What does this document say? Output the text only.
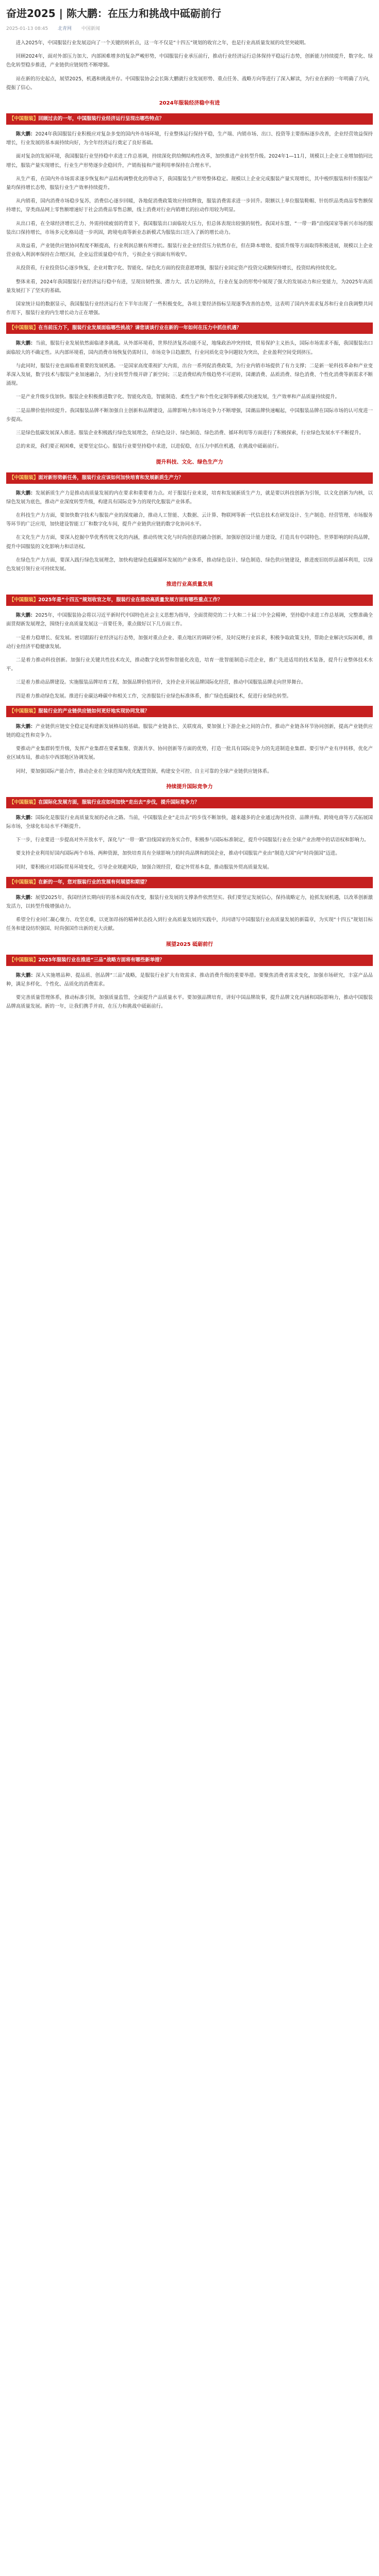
奋进2025 | 陈大鹏：在压力和挑战中砥砺前行
2025-01-13 08:45 北青网 中国新闻

进入2025年，中国服装行业发展迈向了一个关键的转折点，这一年不仅是“十四五”规划的收官之年，也是行业高质量发展的攻坚突破期。

回顾2024年，面对外部压力加大、内部困难增多的复杂严峻形势，中国服装行业承压前行，推动行业经济运行总体保持平稳运行态势，创新能力持续提升，数字化、绿色化转型稳步推进，产业链供应链韧性不断增强。

站在新的历史起点，展望2025，机遇和挑战并存。中国服装协会会长陈大鹏就行业发展形势、重点任务、战略方向等进行了深入解读，为行业在新的一年明确了方向，提振了信心。

2024年服装经济稳中有进
【中国服装】回顾过去的一年，中国服装行业经济运行呈现出哪些特点？

陈大鹏：2024年我国服装行业积极应对复杂多变的国内外市场环境，行业整体运行保持平稳，生产端、内销市场、出口、投资等主要指标逐步改善，企业经营效益保持增长，行业发展的基本面持续向好，为全年经济运行奠定了良好基础。

面对复杂的发展环境，我国服装行业坚持稳中求进工作总基调，持续深化供给侧结构性改革，加快推进产业转型升级。2024年1—11月，规模以上企业工业增加值同比增长，服装产量实现增长，行业生产形势逐步企稳回升，产销衔接和产能利用率保持在合理水平。

从生产看，在国内外市场需求逐步恢复和产品结构调整优化的带动下，我国服装生产形势整体稳定。规模以上企业完成服装产量实现增长，其中梭织服装和针织服装产量均保持增长态势，服装行业生产效率持续提升。

从内销看，国内消费市场稳步复苏，消费信心逐步回暖，各地促消费政策效应持续释放，服装消费需求进一步回升。限额以上单位服装鞋帽、针纺织品类商品零售额保持增长，穿类商品网上零售额增速好于社会消费品零售总额，线上消费对行业内销增长的拉动作用较为明显。

从出口看，在全球经济增长乏力、外需持续疲弱的背景下，我国服装出口面临较大压力，但总体表现出较强的韧性。我国对东盟、“一带一路”沿线国家等新兴市场的服装出口保持增长，市场多元化格局进一步巩固，跨境电商等新业态新模式为服装出口注入了新的增长动力。

从效益看，产业链供应链协同程度不断提高，行业利润总额有所增长。服装行业企业经营压力依然存在，但在降本增效、提质升级等方面取得积极进展，规模以上企业营业收入利润率保持在合理区间，企业运营质量稳中有升，亏损企业亏损面有所收窄。

从投资看，行业投资信心逐步恢复，企业对数字化、智能化、绿色化方面的投资意愿增强，服装行业固定资产投资完成额保持增长，投资结构持续优化。

整体来看，2024年我国服装行业经济运行稳中有进，呈现出韧性强、潜力大、活力足的特点，行业在复杂的形势中展现了强大的发展动力和应变能力，为2025年高质量发展打下了坚实的基础。

国家统计局的数据显示，我国服装行业经济运行在下半年出现了一些积极变化，各项主要经济指标呈现逐季改善的态势，这表明了国内外需求复苏和行业自我调整共同作用下，服装行业的内生增长动力正在增强。

【中国服装】在当前压力下，服装行业发展面临哪些挑战？请您谈谈行业在新的一年如何在压力中抓住机遇？

陈大鹏：当前，服装行业发展依然面临诸多挑战。从外部环境看，世界经济复苏动能不足，地缘政治冲突持续，贸易保护主义抬头，国际市场需求不振，我国服装出口面临较大的不确定性。从内部环境看，国内消费市场恢复仍需时日，市场竞争日趋激烈，行业同质化竞争问题较为突出，企业盈利空间受到挤压。

与此同时，服装行业也面临着重要的发展机遇。一是国家高度重视扩大内需，出台一系列促消费政策，为行业内销市场提供了有力支撑；二是新一轮科技革命和产业变革深入发展，数字技术与服装产业加速融合，为行业转型升级开辟了新空间；三是消费结构升级趋势不可逆转，国潮消费、品质消费、绿色消费、个性化消费等新需求不断涌现。

一是产业升级步伐加快。服装企业积极推进数字化、智能化改造，智能制造、柔性生产和个性化定制等新模式快速发展，生产效率和产品质量持续提升。

二是品牌价值持续提升。我国服装品牌不断加强自主创新和品牌建设，品牌影响力和市场竞争力不断增强，国潮品牌快速崛起，中国服装品牌在国际市场的认可度进一步提高。

三是绿色低碳发展深入推进。服装企业积极践行绿色发展理念，在绿色设计、绿色制造、绿色消费、循环利用等方面进行了积极探索，行业绿色发展水平不断提升。

总的来说，我们要正视困难，更要坚定信心。服装行业要坚持稳中求进，以进促稳，在压力中抓住机遇，在挑战中砥砺前行。

提升科技、文化、绿色生产力
【中国服装】面对新形势新任务，服装行业应该如何加快培育和发展新质生产力？

陈大鹏：发展新质生产力是推动高质量发展的内在要求和重要着力点。对于服装行业来说，培育和发展新质生产力，就是要以科技创新为引领，以文化创新为内核，以绿色发展为底色，推动产业深度转型升级，构建具有国际竞争力的现代化服装产业体系。

在科技生产力方面，要加快数字技术与服装产业的深度融合，推动人工智能、大数据、云计算、物联网等新一代信息技术在研发设计、生产制造、经营管理、市场服务等环节的广泛应用，加快建设智能工厂和数字化车间，提升产业链供应链的数字化协同水平。

在文化生产力方面，要深入挖掘中华优秀传统文化的内涵，推动传统文化与时尚创意的融合创新，加强原创设计能力建设，打造具有中国特色、世界影响的时尚品牌，提升中国服装的文化影响力和话语权。

在绿色生产力方面，要深入践行绿色发展理念，加快构建绿色低碳循环发展的产业体系，推动绿色设计、绿色制造、绿色供应链建设，推进废旧纺织品循环利用，以绿色发展引领行业可持续发展。

推进行业高质量发展
【中国服装】2025年是“十四五”规划收官之年，服装行业在推动高质量发展方面有哪些重点工作？

陈大鹏：2025年，中国服装协会将以习近平新时代中国特色社会主义思想为指导，全面贯彻党的二十大和二十届三中全会精神，坚持稳中求进工作总基调，完整准确全面贯彻新发展理念，围绕行业高质量发展这一首要任务，重点做好以下几方面工作。

一是着力稳增长、促发展。密切跟踪行业经济运行态势，加强对重点企业、重点地区的调研分析，及时反映行业诉求，积极争取政策支持，帮助企业解决实际困难，推动行业经济平稳健康发展。

二是着力推动科技创新。加强行业关键共性技术攻关，推动数字化转型和智能化改造，培育一批智能制造示范企业，推广先进适用的技术装备，提升行业整体技术水平。

三是着力推动品牌建设。实施服装品牌培育工程，加强品牌价值评价，支持企业开展品牌国际化经营，推动中国服装品牌走向世界舞台。

四是着力推动绿色发展。推进行业碳达峰碳中和相关工作，完善服装行业绿色标准体系，推广绿色低碳技术，促进行业绿色转型。

【中国服装】服装行业的产业链供应链如何更好地实现协同发展？

陈大鹏：产业链供应链安全稳定是构建新发展格局的基础。服装产业链条长、关联度高，要加强上下游企业之间的合作，推动产业链各环节协同创新，提高产业链供应链的稳定性和竞争力。

要推动产业集群转型升级，发挥产业集群在要素集聚、资源共享、协同创新等方面的优势，打造一批具有国际竞争力的先进制造业集群。要引导产业有序转移，优化产业区域布局，推动东中西部地区协调发展。

同时，要加强国际产能合作，推动企业在全球范围内优化配置资源，构建安全可控、自主可靠的全球产业链供应链体系。

持续提升国际竞争力
【中国服装】在国际化发展方面，服装行业应如何加快“走出去”步伐，提升国际竞争力？

陈大鹏：国际化是服装行业高质量发展的必由之路。当前，中国服装企业“走出去”的步伐不断加快，越来越多的企业通过海外投资、品牌并购、跨境电商等方式拓展国际市场，全球化布局水平不断提升。

下一步，行业要进一步提高对外开放水平，深化与“一带一路”沿线国家的务实合作，积极参与国际标准制定，提升中国服装行业在全球产业治理中的话语权和影响力。

要支持企业利用好国内国际两个市场、两种资源，加快培育具有全球影响力的时尚品牌和跨国企业，推动中国服装产业由“制造大国”向“时尚强国”迈进。

同时，要积极应对国际贸易环境变化，引导企业规避风险，加强合规经营，稳定外贸基本盘，推动服装外贸高质量发展。

【中国服装】在新的一年，您对服装行业的发展有何展望和期望？

陈大鹏：展望2025年，我国经济长期向好的基本面没有改变，服装行业发展的支撑条件依然坚实。我们要坚定发展信心，保持战略定力，抢抓发展机遇，以改革创新激发活力，以转型升级增强动力。

希望全行业同仁凝心聚力、攻坚克难，以更加昂扬的精神状态投入到行业高质量发展的实践中，共同谱写中国服装行业高质量发展的新篇章，为实现“十四五”规划目标任务和建设纺织强国、时尚强国作出新的更大贡献。

展望2025 砥砺前行
【中国服装】2025年服装行业在推进“三品”战略方面将有哪些新举措？

陈大鹏：深入实施增品种、提品质、创品牌“三品”战略，是服装行业扩大有效需求、推动消费升级的重要举措。要聚焦消费者需求变化，加强市场研究，丰富产品品种，满足多样化、个性化、品质化的消费需求。

要完善质量管理体系，推动标准引领，加强质量监管，全面提升产品质量水平。要加强品牌培育，讲好中国品牌故事，提升品牌文化内涵和国际影响力，推动中国服装品牌高质量发展。新的一年，让我们携手并肩，在压力和挑战中砥砺前行。
